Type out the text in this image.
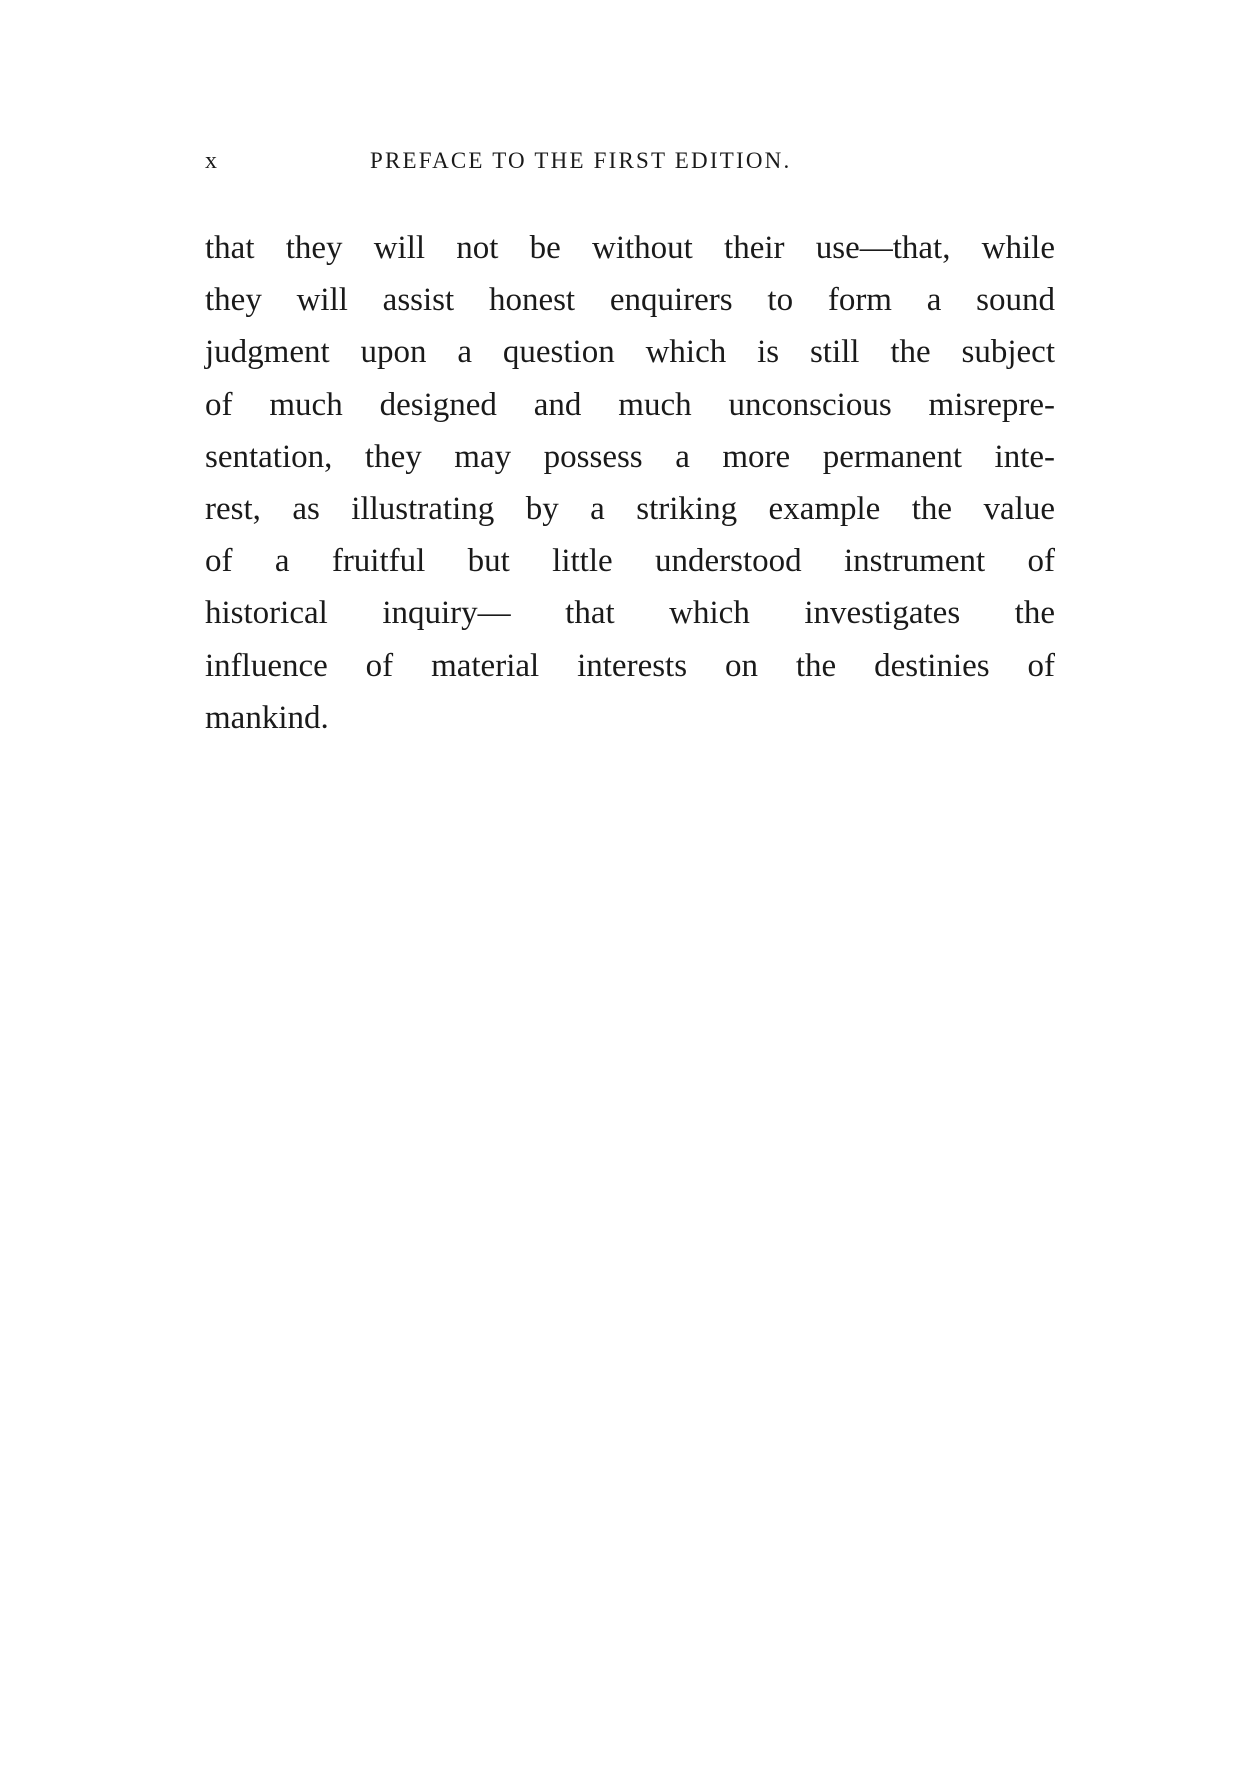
x	PREFACE TO THE FIRST EDITION.
that they will not be without their use—that, while
they will assist honest enquirers to form a sound
judgment upon a question which is still the subject
of much designed and much unconscious misrepre-
sentation, they may possess a more permanent inte-
rest, as illustrating by a striking example the value
of a fruitful but little understood instrument of
historical inquiry— that which investigates the
influence of material interests on the destinies of
mankind.
